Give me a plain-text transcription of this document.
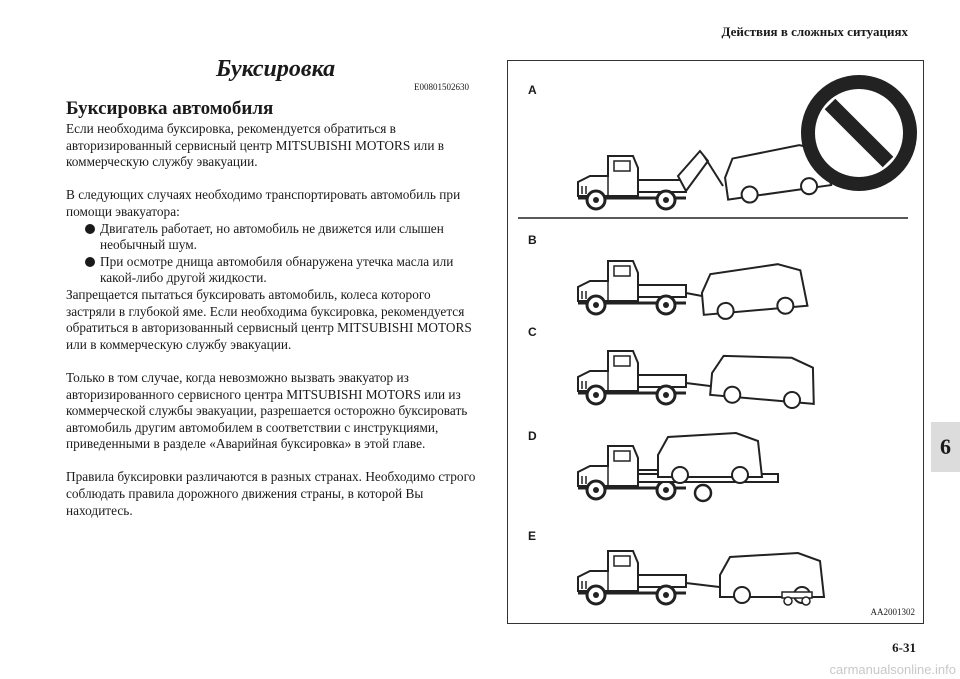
Действия в сложных ситуациях
Буксировка
E00801502630
Буксировка автомобиля

Если необходима буксировка, рекомендуется обратиться в авторизированный сервисный центр MITSUBISHI MOTORS или в коммерческую службу эвакуации.

В следующих случаях необходимо транспортировать автомобиль при помощи эвакуатора:

Двигатель работает, но автомобиль не движется или слышен необычный шум.
При осмотре днища автомобиля обнаружена утечка масла или какой-либо другой жидкости.

Запрещается пытаться буксировать автомобиль, колеса которого застряли в глубокой яме. Если необходима буксировка, рекомендуется обратиться в авторизованный сервисный центр MITSUBISHI MOTORS или в коммерческую службу эвакуации.

Только в том случае, когда невозможно вызвать эвакуатор из авторизированного сервисного центра MITSUBISHI MOTORS или из коммерческой службы эвакуации, разрешается осторожно буксировать автомобиль другим автомобилем в соответствии с инструкциями, приведенными в разделе «Аварийная буксировка» в этой главе.

Правила буксировки различаются в разных странах. Необходимо строго соблюдать правила дорожного движения страны, в которой Вы находитесь.

A
B
C
D
E
AA2001302
6
6-31
carmanualsonline.info
